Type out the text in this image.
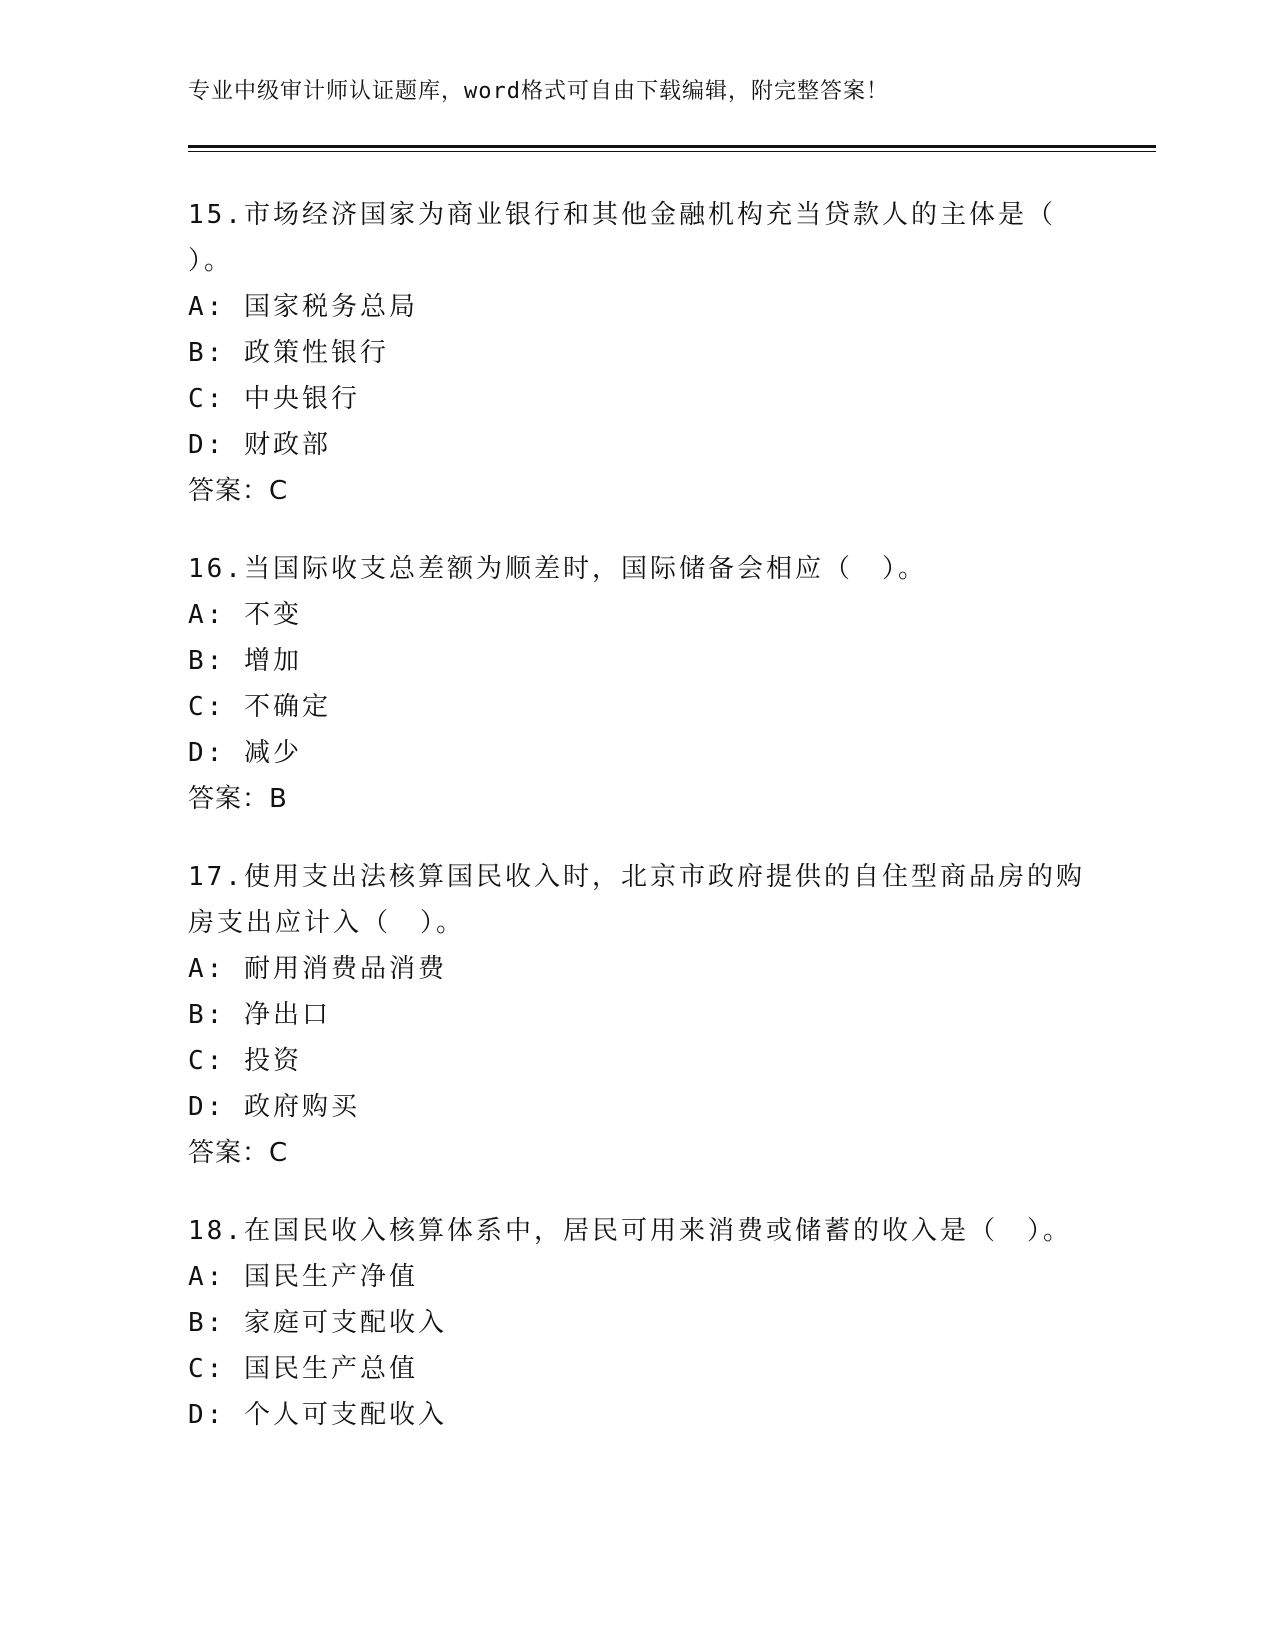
专业中级审计师认证题库，word格式可自由下载编辑，附完整答案！
15.市场经济国家为商业银行和其他金融机构充当贷款人的主体是（
）。
A: 国家税务总局
B: 政策性银行
C: 中央银行
D: 财政部
答案：C
16.当国际收支总差额为顺差时，国际储备会相应（　）。
A: 不变
B: 增加
C: 不确定
D: 减少
答案：B
17.使用支出法核算国民收入时，北京市政府提供的自住型商品房的购
房支出应计入（　）。
A: 耐用消费品消费
B: 净出口
C: 投资
D: 政府购买
答案：C
18.在国民收入核算体系中，居民可用来消费或储蓄的收入是（　）。
A: 国民生产净值
B: 家庭可支配收入
C: 国民生产总值
D: 个人可支配收入
